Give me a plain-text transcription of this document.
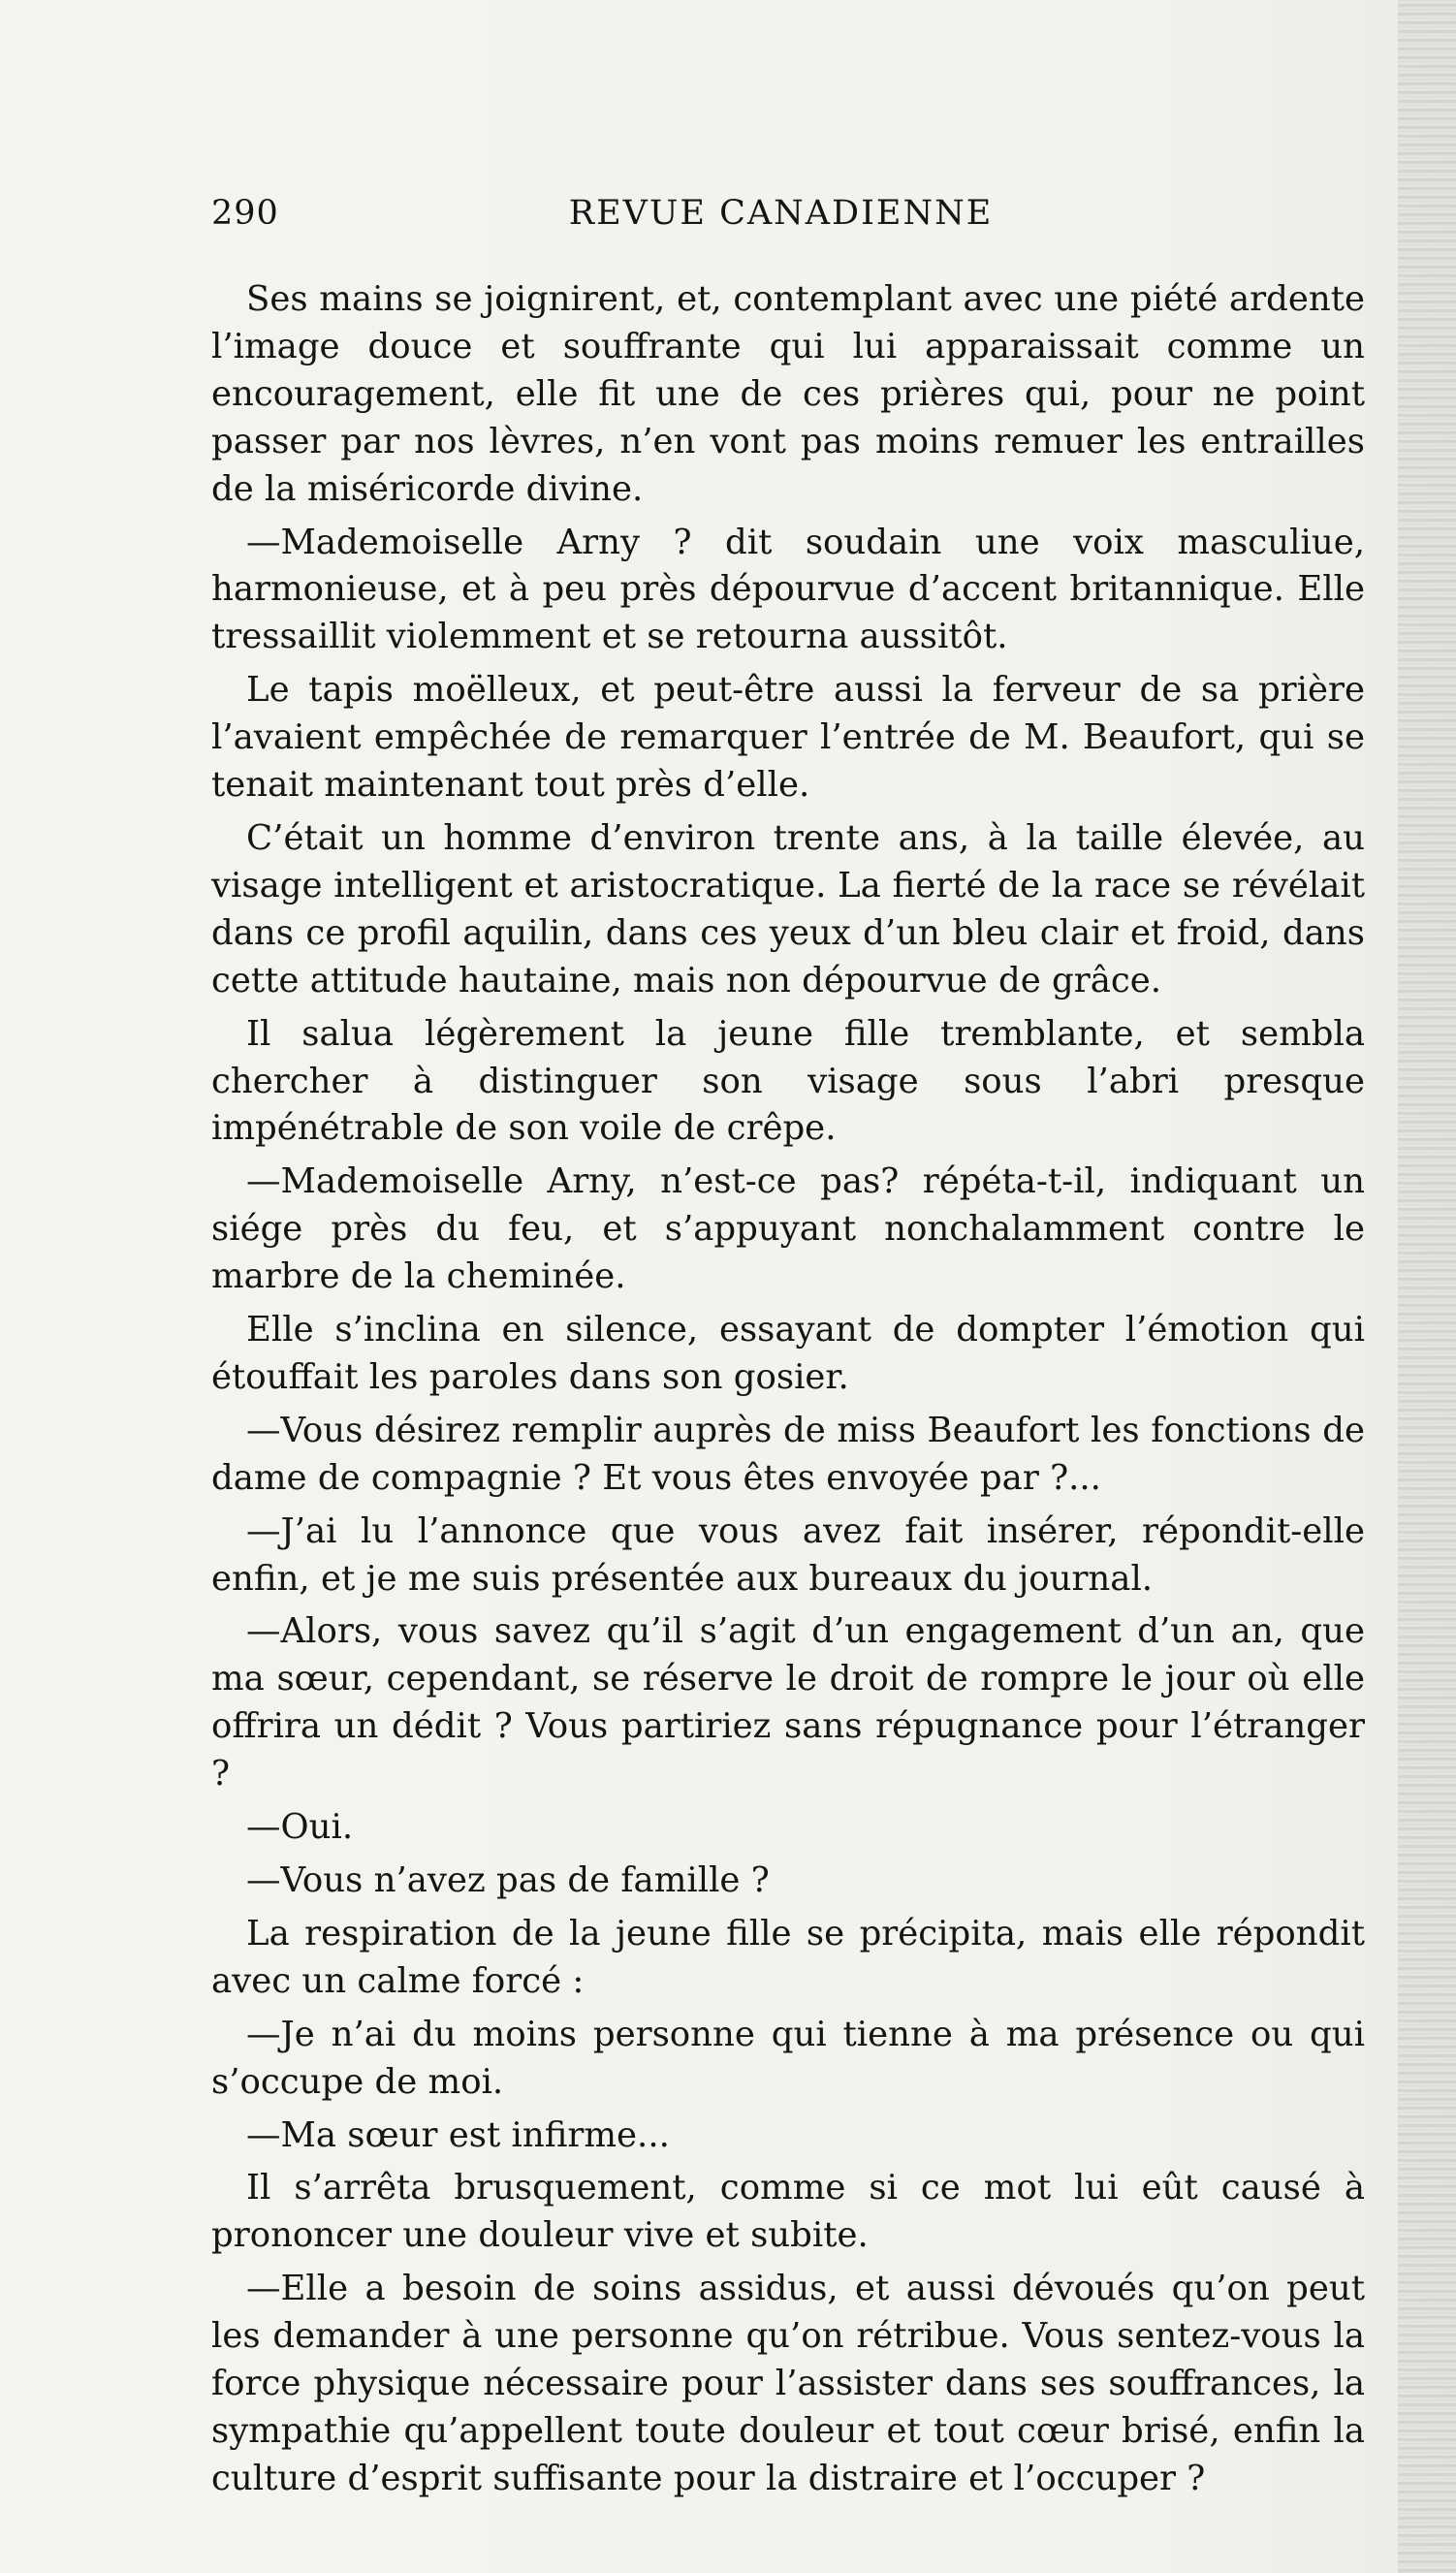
290	REVUE CANADIENNE

Ses mains se joignirent, et, contemplant avec une piété ardente l’image douce et souffrante qui lui apparaissait comme un encouragement, elle fit une de ces prières qui, pour ne point passer par nos lèvres, n’en vont pas moins remuer les entrailles de la miséricorde divine.

—Mademoiselle Arny ? dit soudain une voix masculiue, harmonieuse, et à peu près dépourvue d’accent britannique. Elle tressaillit violemment et se retourna aussitôt.

Le tapis moëlleux, et peut-être aussi la ferveur de sa prière l’avaient empêchée de remarquer l’entrée de M. Beaufort, qui se tenait maintenant tout près d’elle.

C’était un homme d’environ trente ans, à la taille élevée, au visage intelligent et aristocratique. La fierté de la race se révélait dans ce profil aquilin, dans ces yeux d’un bleu clair et froid, dans cette attitude hautaine, mais non dépourvue de grâce.

Il salua légèrement la jeune fille tremblante, et sembla chercher à distinguer son visage sous l’abri presque impénétrable de son voile de crêpe.

—Mademoiselle Arny, n’est-ce pas? répéta-t-il, indiquant un siége près du feu, et s’appuyant nonchalamment contre le marbre de la cheminée.

Elle s’inclina en silence, essayant de dompter l’émotion qui étouffait les paroles dans son gosier.

—Vous désirez remplir auprès de miss Beaufort les fonctions de dame de compagnie ? Et vous êtes envoyée par ?...

—J’ai lu l’annonce que vous avez fait insérer, répondit-elle enfin, et je me suis présentée aux bureaux du journal.

—Alors, vous savez qu’il s’agit d’un engagement d’un an, que ma sœur, cependant, se réserve le droit de rompre le jour où elle offrira un dédit ? Vous partiriez sans répugnance pour l’étranger ?

—Oui.

—Vous n’avez pas de famille ?

La respiration de la jeune fille se précipita, mais elle répondit avec un calme forcé :

—Je n’ai du moins personne qui tienne à ma présence ou qui s’occupe de moi.

—Ma sœur est infirme...

Il s’arrêta brusquement, comme si ce mot lui eût causé à prononcer une douleur vive et subite.

—Elle a besoin de soins assidus, et aussi dévoués qu’on peut les demander à une personne qu’on rétribue. Vous sentez-vous la force physique nécessaire pour l’assister dans ses souffrances, la sympathie qu’appellent toute douleur et tout cœur brisé, enfin la culture d’esprit suffisante pour la distraire et l’occuper ?
